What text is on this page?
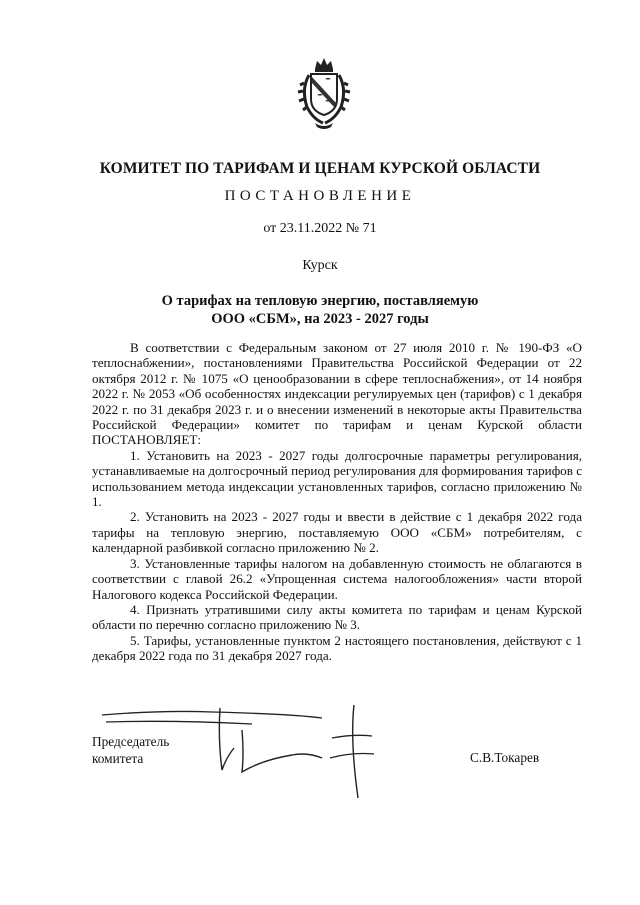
КОМИТЕТ ПО ТАРИФАМ И ЦЕНАМ КУРСКОЙ ОБЛАСТИ
ПОСТАНОВЛЕНИЕ
от 23.11.2022 № 71
Курск
О тарифах на тепловую энергию, поставляемую
ООО «СБМ», на 2023 - 2027 годы

В соответствии с Федеральным законом от 27 июля 2010 г. № 190-ФЗ «О теплоснабжении», постановлениями Правительства Российской Федерации от 22 октября 2012 г. № 1075 «О ценообразовании в сфере теплоснабжения», от 14 ноября 2022 г. № 2053 «Об особенностях индексации регулируемых цен (тарифов) с 1 декабря 2022 г. по 31 декабря 2023 г. и о внесении изменений в некоторые акты Правительства Российской Федерации» комитет по тарифам и ценам Курской области ПОСТАНОВЛЯЕТ:

1. Установить на 2023 - 2027 годы долгосрочные параметры регулирования, устанавливаемые на долгосрочный период регулирования для формирования тарифов с использованием метода индексации установленных тарифов, согласно приложению № 1.

2. Установить на 2023 - 2027 годы и ввести в действие с 1 декабря 2022 года тарифы на тепловую энергию, поставляемую ООО «СБМ» потребителям, с календарной разбивкой согласно приложению № 2.

3. Установленные тарифы налогом на добавленную стоимость не облагаются в соответствии с главой 26.2 «Упрощенная система налогообложения» части второй Налогового кодекса Российской Федерации.

4. Признать утратившими силу акты комитета по тарифам и ценам Курской области по перечню согласно приложению № 3.

5. Тарифы, установленные пунктом 2 настоящего постановления, действуют с 1 декабря 2022 года по 31 декабря 2027 года.

Председатель
комитета	С.В.Токарев
